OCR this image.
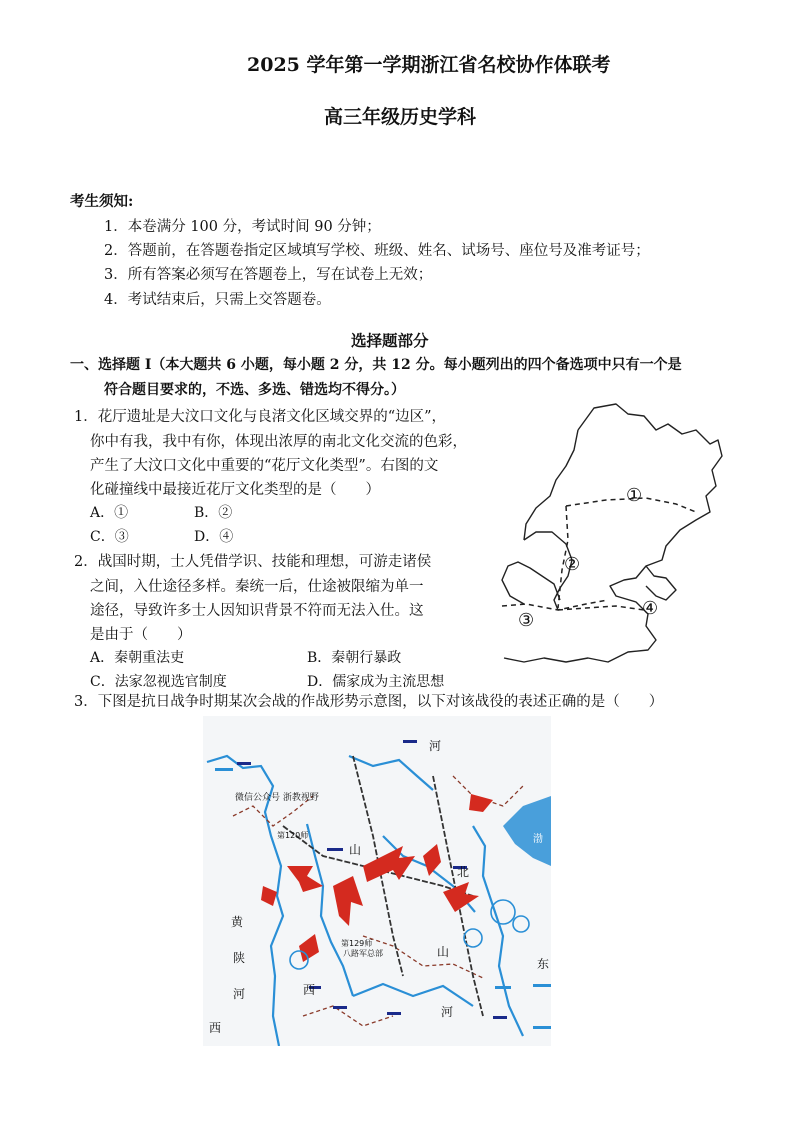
2025 学年第一学期浙江省名校协作体联考
高三年级历史学科
考生须知:
1．本卷满分 100 分，考试时间 90 分钟；
2．答题前，在答题卷指定区域填写学校、班级、姓名、试场号、座位号及准考证号；
3．所有答案必须写在答题卷上，写在试卷上无效；
4．考试结束后，只需上交答题卷。
选择题部分
一、选择题 I（本大题共 6 小题，每小题 2 分，共 12 分。每小题列出的四个备选项中只有一个是
符合题目要求的，不选、多选、错选均不得分。）
1．花厅遗址是大汶口文化与良渚文化区域交界的“边区”，
你中有我，我中有你，体现出浓厚的南北文化交流的色彩，
产生了大汶口文化中重要的“花厅文化类型”。右图的文
化碰撞线中最接近花厅文化类型的是（　　）
A．①	B．②
C．③	D．④
2．战国时期，士人凭借学识、技能和理想，可游走诸侯
之间，入仕途径多样。秦统一后，仕途被限缩为单一
途径，导致许多士人因知识背景不符而无法入仕。这
是由于（　　）
A．秦朝重法吏	B．秦朝行暴政
C．法家忽视选官制度	D．儒家成为主流思想
3．下图是抗日战争时期某次会战的作战形势示意图，以下对该战役的表述正确的是（　　）
①
②
③
④
微信公众号 浙教视野
第120师
第129师
八路军总部
山
北
山
西
河
黄
陕
河
西
河
东
渤
